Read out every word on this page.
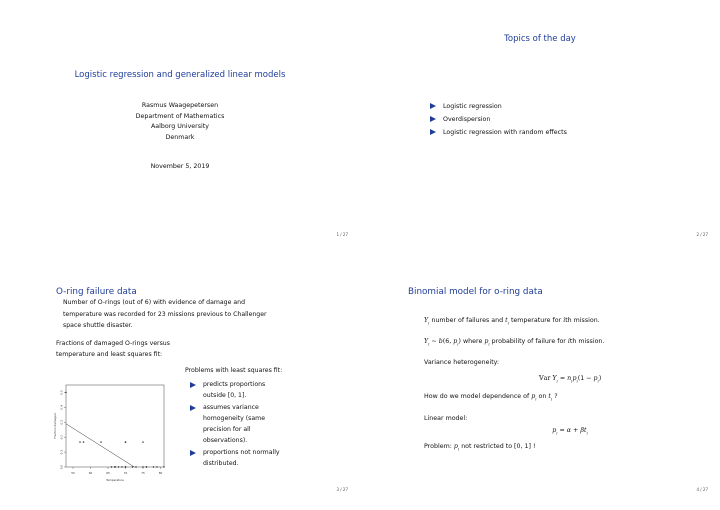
Logistic regression and generalized linear models
Rasmus Waagepetersen
Department of Mathematics
Aalborg University
Denmark
November 5, 2019
1 / 27
Topics of the day
Logistic regression
Overdispersion
Logistic regression with random effects
2 / 27
O-ring failure data
Number of O-rings (out of 6) with evidence of damage and temperature was recorded for 23 missions previous to Challenger space shuttle disaster.
Fractions of damaged O-rings versus temperature and least squares fit:
55	60	65	70	75	80
0.0
0.1
0.2
0.3
0.4
0.5
Fraction damaged
Temperature
Problems with least squares fit:
predicts proportions outside [0, 1].
assumes variance homogeneity (same precision for all observations).
proportions not normally distributed.
3 / 27
Binomial model for o-ring data
$Y_i$ number of failures and $t_i$ temperature for ith mission.
$Y_i$ ∼ b(6, $p_i$) where $p_i$ probability of failure for ith mission.
Variance heterogeneity:
𝕍ar $Y_i = n_ip_i(1 - p_i)$
How do we model dependence of $p_i$ on $t_i$ ?
Linear model:
$p_i = \alpha + \beta t_i$
Problem: $p_i$ not restricted to [0, 1] !
4 / 27
